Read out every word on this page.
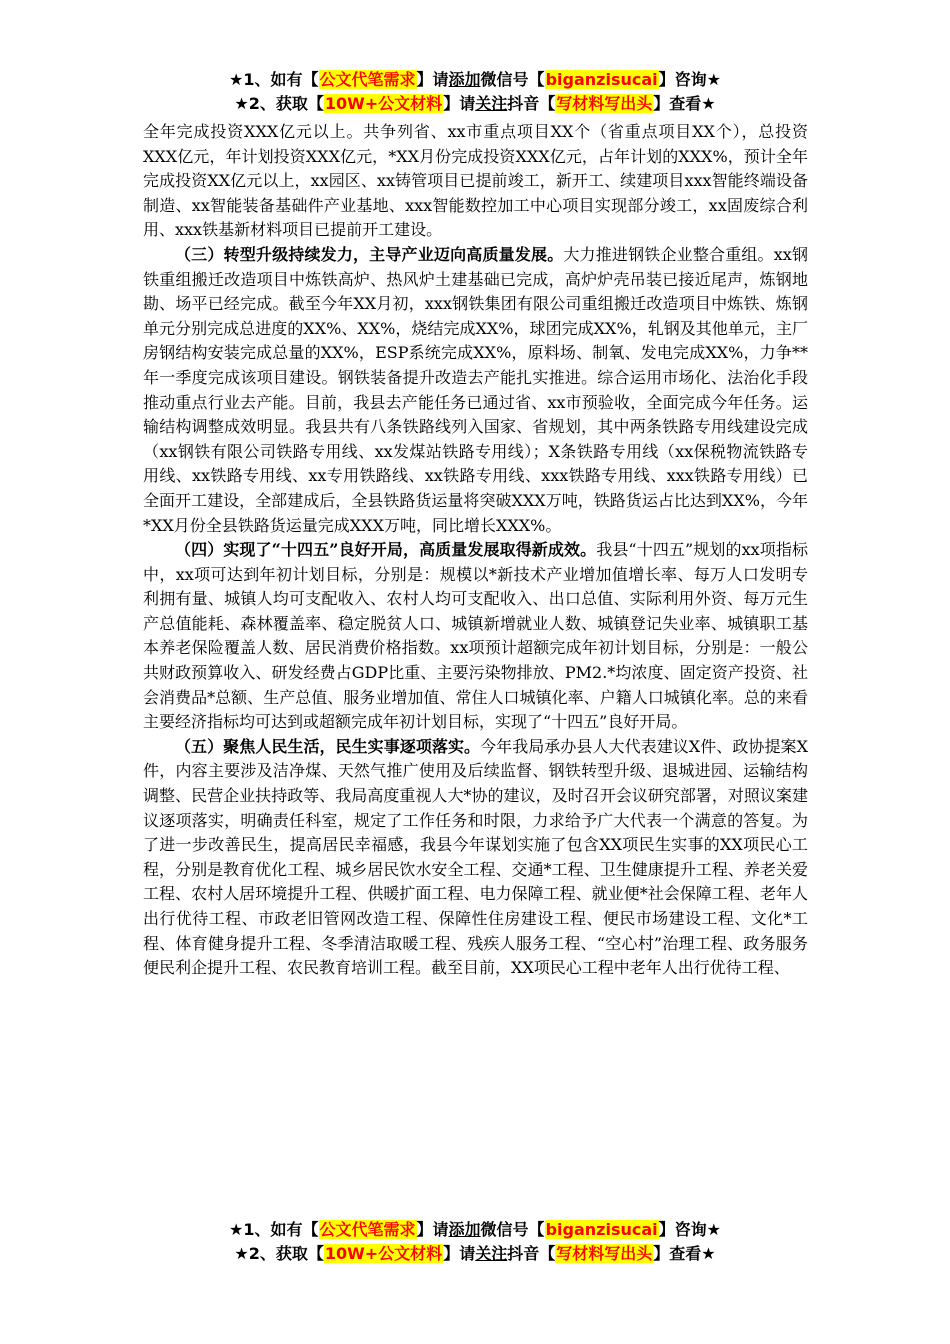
★1、如有【公文代笔需求】请添加微信号【biganzisucai】咨询★
★2、获取【10W+公文材料】请关注抖音【写材料写出头】查看★

全年完成投资XXX亿元以上。共争列省、xx市重点项目XX个（省重点项目XX个），总投资XXX亿元，年计划投资XXX亿元，*XX月份完成投资XXX亿元，占年计划的XXX%，预计全年完成投资XX亿元以上，xx园区、xx铸管项目已提前竣工，新开工、续建项目xxx智能终端设备制造、xx智能装备基础件产业基地、xxx智能数控加工中心项目实现部分竣工，xx固废综合利用、xxx铁基新材料项目已提前开工建设。

（三）转型升级持续发力，主导产业迈向高质量发展。大力推进钢铁企业整合重组。xx钢铁重组搬迁改造项目中炼铁高炉、热风炉土建基础已完成，高炉炉壳吊装已接近尾声，炼钢地勘、场平已经完成。截至今年XX月初，xxx钢铁集团有限公司重组搬迁改造项目中炼铁、炼钢单元分别完成总进度的XX%、XX%，烧结完成XX%，球团完成XX%，轧钢及其他单元，主厂房钢结构安装完成总量的XX%，ESP系统完成XX%，原料场、制氧、发电完成XX%，力争**年一季度完成该项目建设。钢铁装备提升改造去产能扎实推进。综合运用市场化、法治化手段推动重点行业去产能。目前，我县去产能任务已通过省、xx市预验收，全面完成今年任务。运输结构调整成效明显。我县共有八条铁路线列入国家、省规划，其中两条铁路专用线建设完成（xx钢铁有限公司铁路专用线、xx发煤站铁路专用线）；X条铁路专用线（xx保税物流铁路专用线、xx铁路专用线、xx专用铁路线、xx铁路专用线、xxx铁路专用线、xxx铁路专用线）已全面开工建设，全部建成后，全县铁路货运量将突破XXX万吨，铁路货运占比达到XX%，今年*XX月份全县铁路货运量完成XXX万吨，同比增长XXX%。

（四）实现了“十四五”良好开局，高质量发展取得新成效。我县“十四五”规划的xx项指标中，xx项可达到年初计划目标，分别是：规模以*新技术产业增加值增长率、每万人口发明专利拥有量、城镇人均可支配收入、农村人均可支配收入、出口总值、实际利用外资、每万元生产总值能耗、森林覆盖率、稳定脱贫人口、城镇新增就业人数、城镇登记失业率、城镇职工基本养老保险覆盖人数、居民消费价格指数。xx项预计超额完成年初计划目标，分别是：一般公共财政预算收入、研发经费占GDP比重、主要污染物排放、PM2.*均浓度、固定资产投资、社会消费品*总额、生产总值、服务业增加值、常住人口城镇化率、户籍人口城镇化率。总的来看主要经济指标均可达到或超额完成年初计划目标，实现了“十四五”良好开局。

（五）聚焦人民生活，民生实事逐项落实。今年我局承办县人大代表建议X件、政协提案X件，内容主要涉及洁净煤、天然气推广使用及后续监督、钢铁转型升级、退城进园、运输结构调整、民营企业扶持政等、我局高度重视人大*协的建议，及时召开会议研究部署，对照议案建议逐项落实，明确责任科室，规定了工作任务和时限，力求给予广大代表一个满意的答复。为了进一步改善民生，提高居民幸福感，我县今年谋划实施了包含XX项民生实事的XX项民心工程，分别是教育优化工程、城乡居民饮水安全工程、交通*工程、卫生健康提升工程、养老关爱工程、农村人居环境提升工程、供暖扩面工程、电力保障工程、就业便*社会保障工程、老年人出行优待工程、市政老旧管网改造工程、保障性住房建设工程、便民市场建设工程、文化*工程、体育健身提升工程、冬季清洁取暖工程、残疾人服务工程、“空心村”治理工程、政务服务便民利企提升工程、农民教育培训工程。截至目前，XX项民心工程中老年人出行优待工程、

★1、如有【公文代笔需求】请添加微信号【biganzisucai】咨询★
★2、获取【10W+公文材料】请关注抖音【写材料写出头】查看★
